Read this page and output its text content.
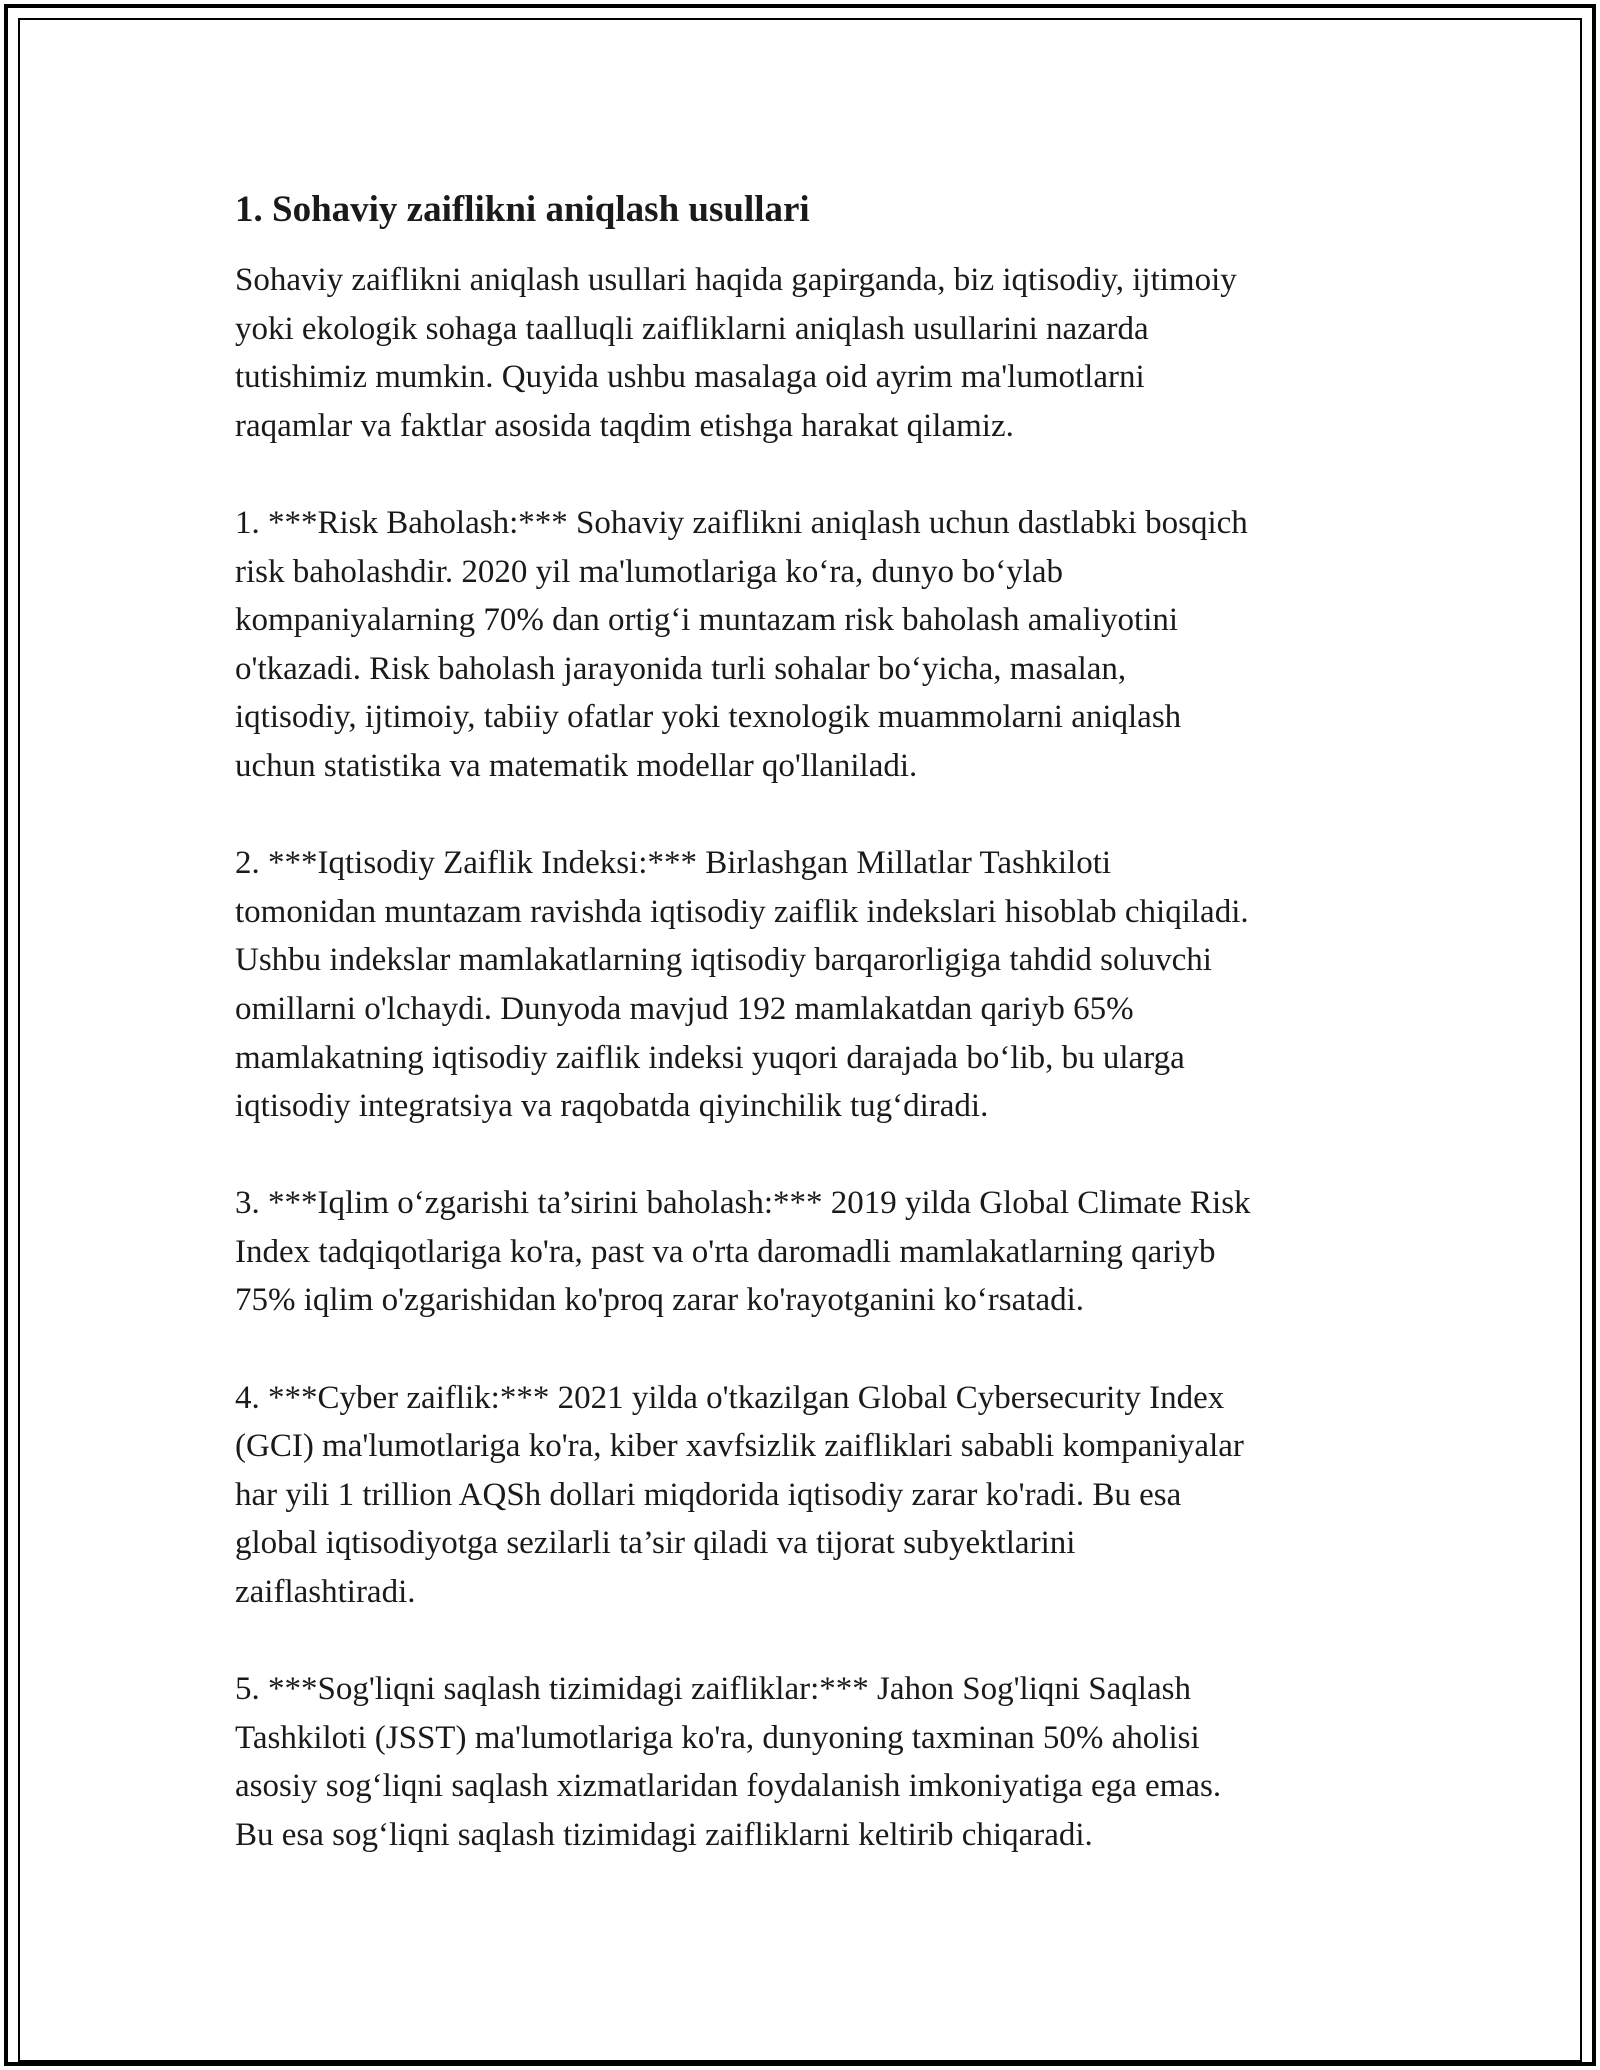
1. Sohaviy zaiflikni aniqlash usullari

Sohaviy zaiflikni aniqlash usullari haqida gapirganda, biz iqtisodiy, ijtimoiy
yoki ekologik sohaga taalluqli zaifliklarni aniqlash usullarini nazarda
tutishimiz mumkin. Quyida ushbu masalaga oid ayrim ma'lumotlarni
raqamlar va faktlar asosida taqdim etishga harakat qilamiz.

1. ***Risk Baholash:*** Sohaviy zaiflikni aniqlash uchun dastlabki bosqich
risk baholashdir. 2020 yil ma'lumotlariga koʻra, dunyo boʻylab
kompaniyalarning 70% dan ortigʻi muntazam risk baholash amaliyotini
o'tkazadi. Risk baholash jarayonida turli sohalar boʻyicha, masalan,
iqtisodiy, ijtimoiy, tabiiy ofatlar yoki texnologik muammolarni aniqlash
uchun statistika va matematik modellar qo'llaniladi.

2. ***Iqtisodiy Zaiflik Indeksi:*** Birlashgan Millatlar Tashkiloti
tomonidan muntazam ravishda iqtisodiy zaiflik indekslari hisoblab chiqiladi.
Ushbu indekslar mamlakatlarning iqtisodiy barqarorligiga tahdid soluvchi
omillarni o'lchaydi. Dunyoda mavjud 192 mamlakatdan qariyb 65%
mamlakatning iqtisodiy zaiflik indeksi yuqori darajada boʻlib, bu ularga
iqtisodiy integratsiya va raqobatda qiyinchilik tugʻdiradi.

3. ***Iqlim oʻzgarishi ta’sirini baholash:*** 2019 yilda Global Climate Risk
Index tadqiqotlariga ko'ra, past va o'rta daromadli mamlakatlarning qariyb
75% iqlim o'zgarishidan ko'proq zarar ko'rayotganini koʻrsatadi.

4. ***Cyber zaiflik:*** 2021 yilda o'tkazilgan Global Cybersecurity Index
(GCI) ma'lumotlariga ko'ra, kiber xavfsizlik zaifliklari sababli kompaniyalar
har yili 1 trillion AQSh dollari miqdorida iqtisodiy zarar ko'radi. Bu esa
global iqtisodiyotga sezilarli ta’sir qiladi va tijorat subyektlarini
zaiflashtiradi.

5. ***Sog'liqni saqlash tizimidagi zaifliklar:*** Jahon Sog'liqni Saqlash
Tashkiloti (JSST) ma'lumotlariga ko'ra, dunyoning taxminan 50% aholisi
asosiy sogʻliqni saqlash xizmatlaridan foydalanish imkoniyatiga ega emas.
Bu esa sogʻliqni saqlash tizimidagi zaifliklarni keltirib chiqaradi.
